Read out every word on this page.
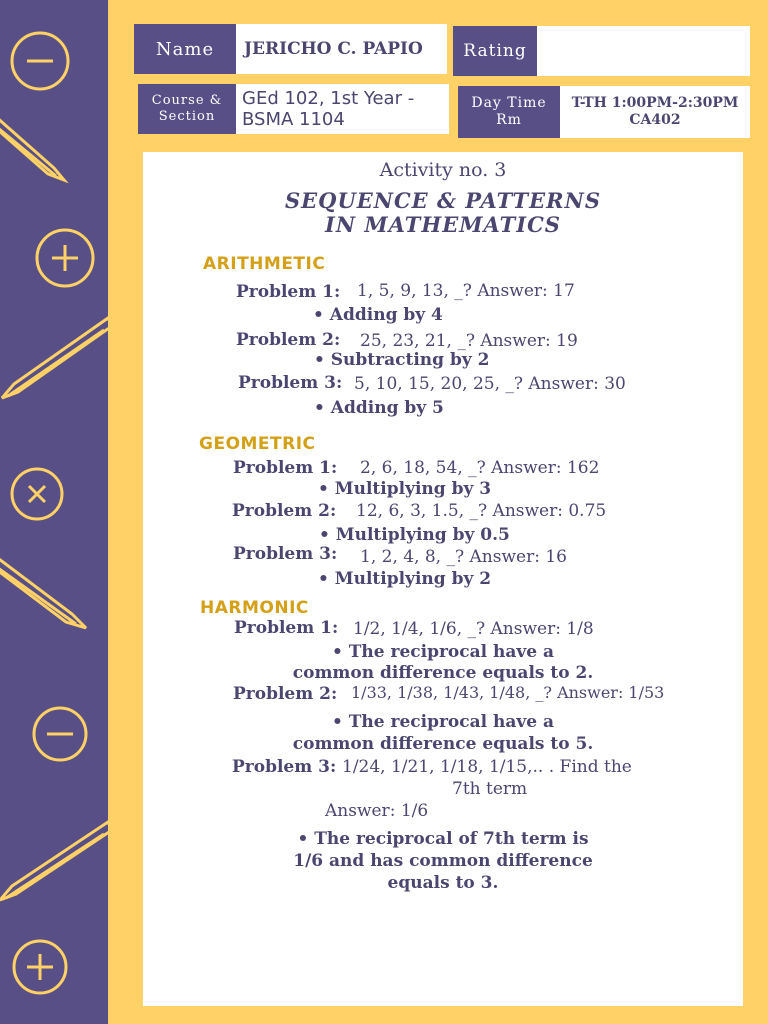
Name	JERICHO C. PAPIO	Rating
Course &
Section
GEd 102, 1st Year -
BSMA 1104
Day Time
Rm
T-TH 1:00PM-2:30PM
CA402
Activity no. 3
SEQUENCE & PATTERNS
IN MATHEMATICS
ARITHMETIC
Problem 1: 1, 5, 9, 13, _? Answer: 17
• Adding by 4
Problem 2: 25, 23, 21, _? Answer: 19
• Subtracting by 2
Problem 3: 5, 10, 15, 20, 25, _? Answer: 30
• Adding by 5
GEOMETRIC
Problem 1: 2, 6, 18, 54, _? Answer: 162
• Multiplying by 3
Problem 2: 12, 6, 3, 1.5, _? Answer: 0.75
• Multiplying by 0.5
Problem 3: 1, 2, 4, 8, _? Answer: 16
• Multiplying by 2
HARMONIC
Problem 1: 1/2, 1/4, 1/6, _? Answer: 1/8
• The reciprocal have a
common difference equals to 2.
Problem 2: 1/33, 1/38, 1/43, 1/48, _? Answer: 1/53
• The reciprocal have a
common difference equals to 5.
Problem 3: 1/24, 1/21, 1/18, 1/15,.. . Find the
7th term
Answer: 1/6
• The reciprocal of 7th term is
1/6 and has common difference
equals to 3.
